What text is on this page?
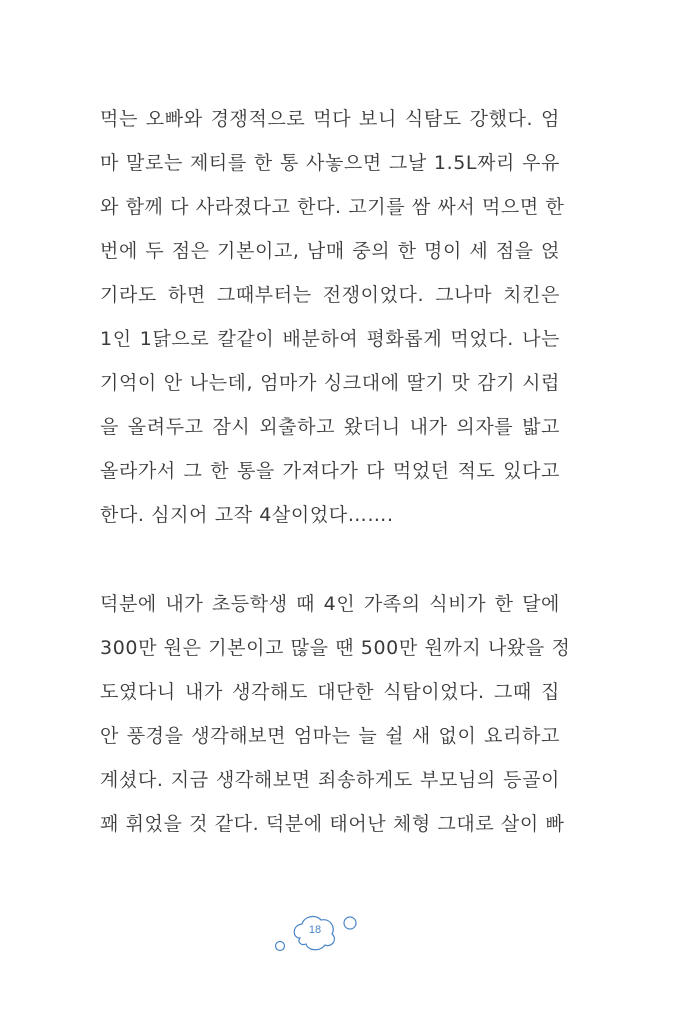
먹는 오빠와 경쟁적으로 먹다 보니 식탐도 강했다. 엄
마 말로는 제티를 한 통 사놓으면 그날 1.5L짜리 우유
와 함께 다 사라졌다고 한다. 고기를 쌈 싸서 먹으면 한
번에 두 점은 기본이고, 남매 중의 한 명이 세 점을 얹
기라도 하면 그때부터는 전쟁이었다. 그나마 치킨은
1인 1닭으로 칼같이 배분하여 평화롭게 먹었다. 나는
기억이 안 나는데, 엄마가 싱크대에 딸기 맛 감기 시럽
을 올려두고 잠시 외출하고 왔더니 내가 의자를 밟고
올라가서 그 한 통을 가져다가 다 먹었던 적도 있다고
한다. 심지어 고작 4살이었다…….
덕분에 내가 초등학생 때 4인 가족의 식비가 한 달에
300만 원은 기본이고 많을 땐 500만 원까지 나왔을 정
도였다니 내가 생각해도 대단한 식탐이었다. 그때 집
안 풍경을 생각해보면 엄마는 늘 쉴 새 없이 요리하고
계셨다. 지금 생각해보면 죄송하게도 부모님의 등골이
꽤 휘었을 것 같다. 덕분에 태어난 체형 그대로 살이 빠
18
